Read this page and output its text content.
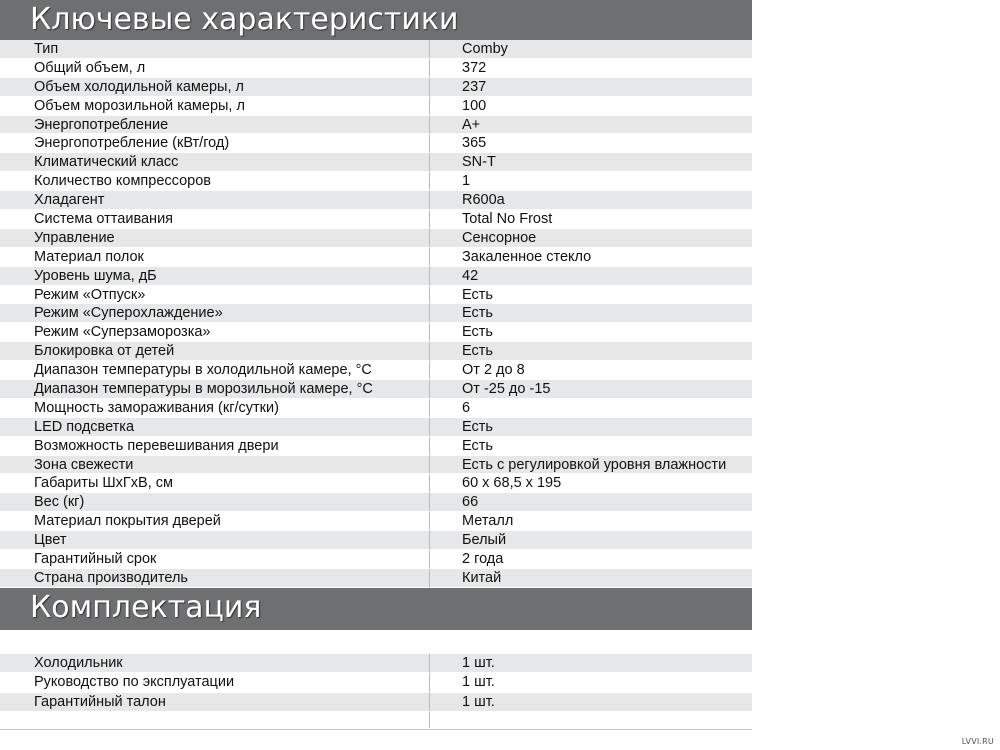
Ключевые характеристики
Тип	Comby
Общий объем, л	372
Объем холодильной камеры, л	237
Объем морозильной камеры, л	100
Энергопотребление	A+
Энергопотребление (кВт/год)	365
Климатический класс	SN-T
Количество компрессоров	1
Хладагент	R600a
Система оттаивания	Total No Frost
Управление	Сенсорное
Материал полок	Закаленное стекло
Уровень шума, дБ	42
Режим «Отпуск»	Есть
Режим «Суперохлаждение»	Есть
Режим «Суперзаморозка»	Есть
Блокировка от детей	Есть
Диапазон температуры в холодильной камере, °C	От 2 до 8
Диапазон температуры в морозильной камере, °C	От -25 до -15
Мощность замораживания (кг/сутки)	6
LED подсветка	Есть
Возможность перевешивания двери	Есть
Зона свежести	Есть с регулировкой уровня влажности
Габариты ШхГхВ, см	60 х 68,5 х 195
Вес (кг)	66
Материал покрытия дверей	Металл
Цвет	Белый
Гарантийный срок	2 года
Страна производитель	Китай
Комплектация
Холодильник	1 шт.
Руководство по эксплуатации	1 шт.
Гарантийный талон	1 шт.
LVVI.RU
